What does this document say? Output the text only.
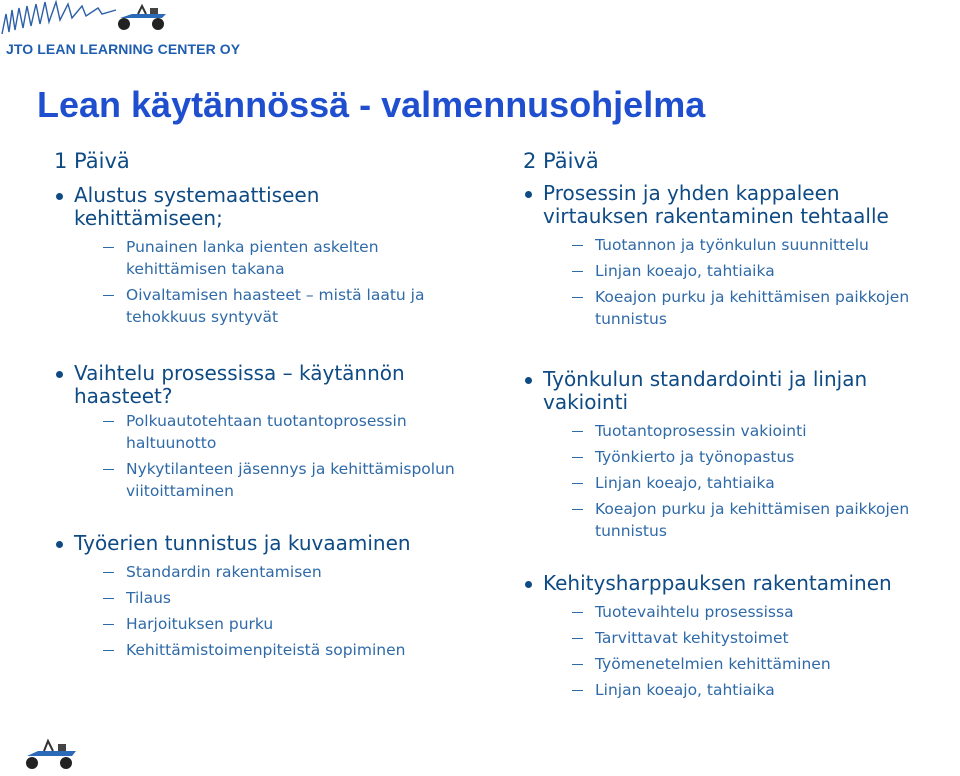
JTO LEAN LEARNING CENTER OY
Lean käytännössä - valmennusohjelma
1 Päivä
Alustus systemaattiseen kehittämiseen;
Punainen lanka pienten askelten kehittämisen takana
Oivaltamisen haasteet – mistä laatu ja tehokkuus syntyvät
Vaihtelu prosessissa – käytännön haasteet?
Polkuautotehtaan tuotantoprosessin haltuunotto
Nykytilanteen jäsennys ja kehittämispolun viitoittaminen
Työerien tunnistus ja kuvaaminen
Standardin rakentamisen
Tilaus
Harjoituksen purku
Kehittämistoimenpiteistä sopiminen
2 Päivä
Prosessin ja yhden kappaleen virtauksen rakentaminen tehtaalle
Tuotannon ja työnkulun suunnittelu
Linjan koeajo, tahtiaika
Koeajon purku ja kehittämisen paikkojen tunnistus
Työnkulun standardointi ja linjan vakiointi
Tuotantoprosessin vakiointi
Työnkierto ja työnopastus
Linjan koeajo, tahtiaika
Koeajon purku ja kehittämisen paikkojen tunnistus
Kehitysharppauksen rakentaminen
Tuotevaihtelu prosessissa
Tarvittavat kehitystoimet
Työmenetelmien kehittäminen
Linjan koeajo, tahtiaika
